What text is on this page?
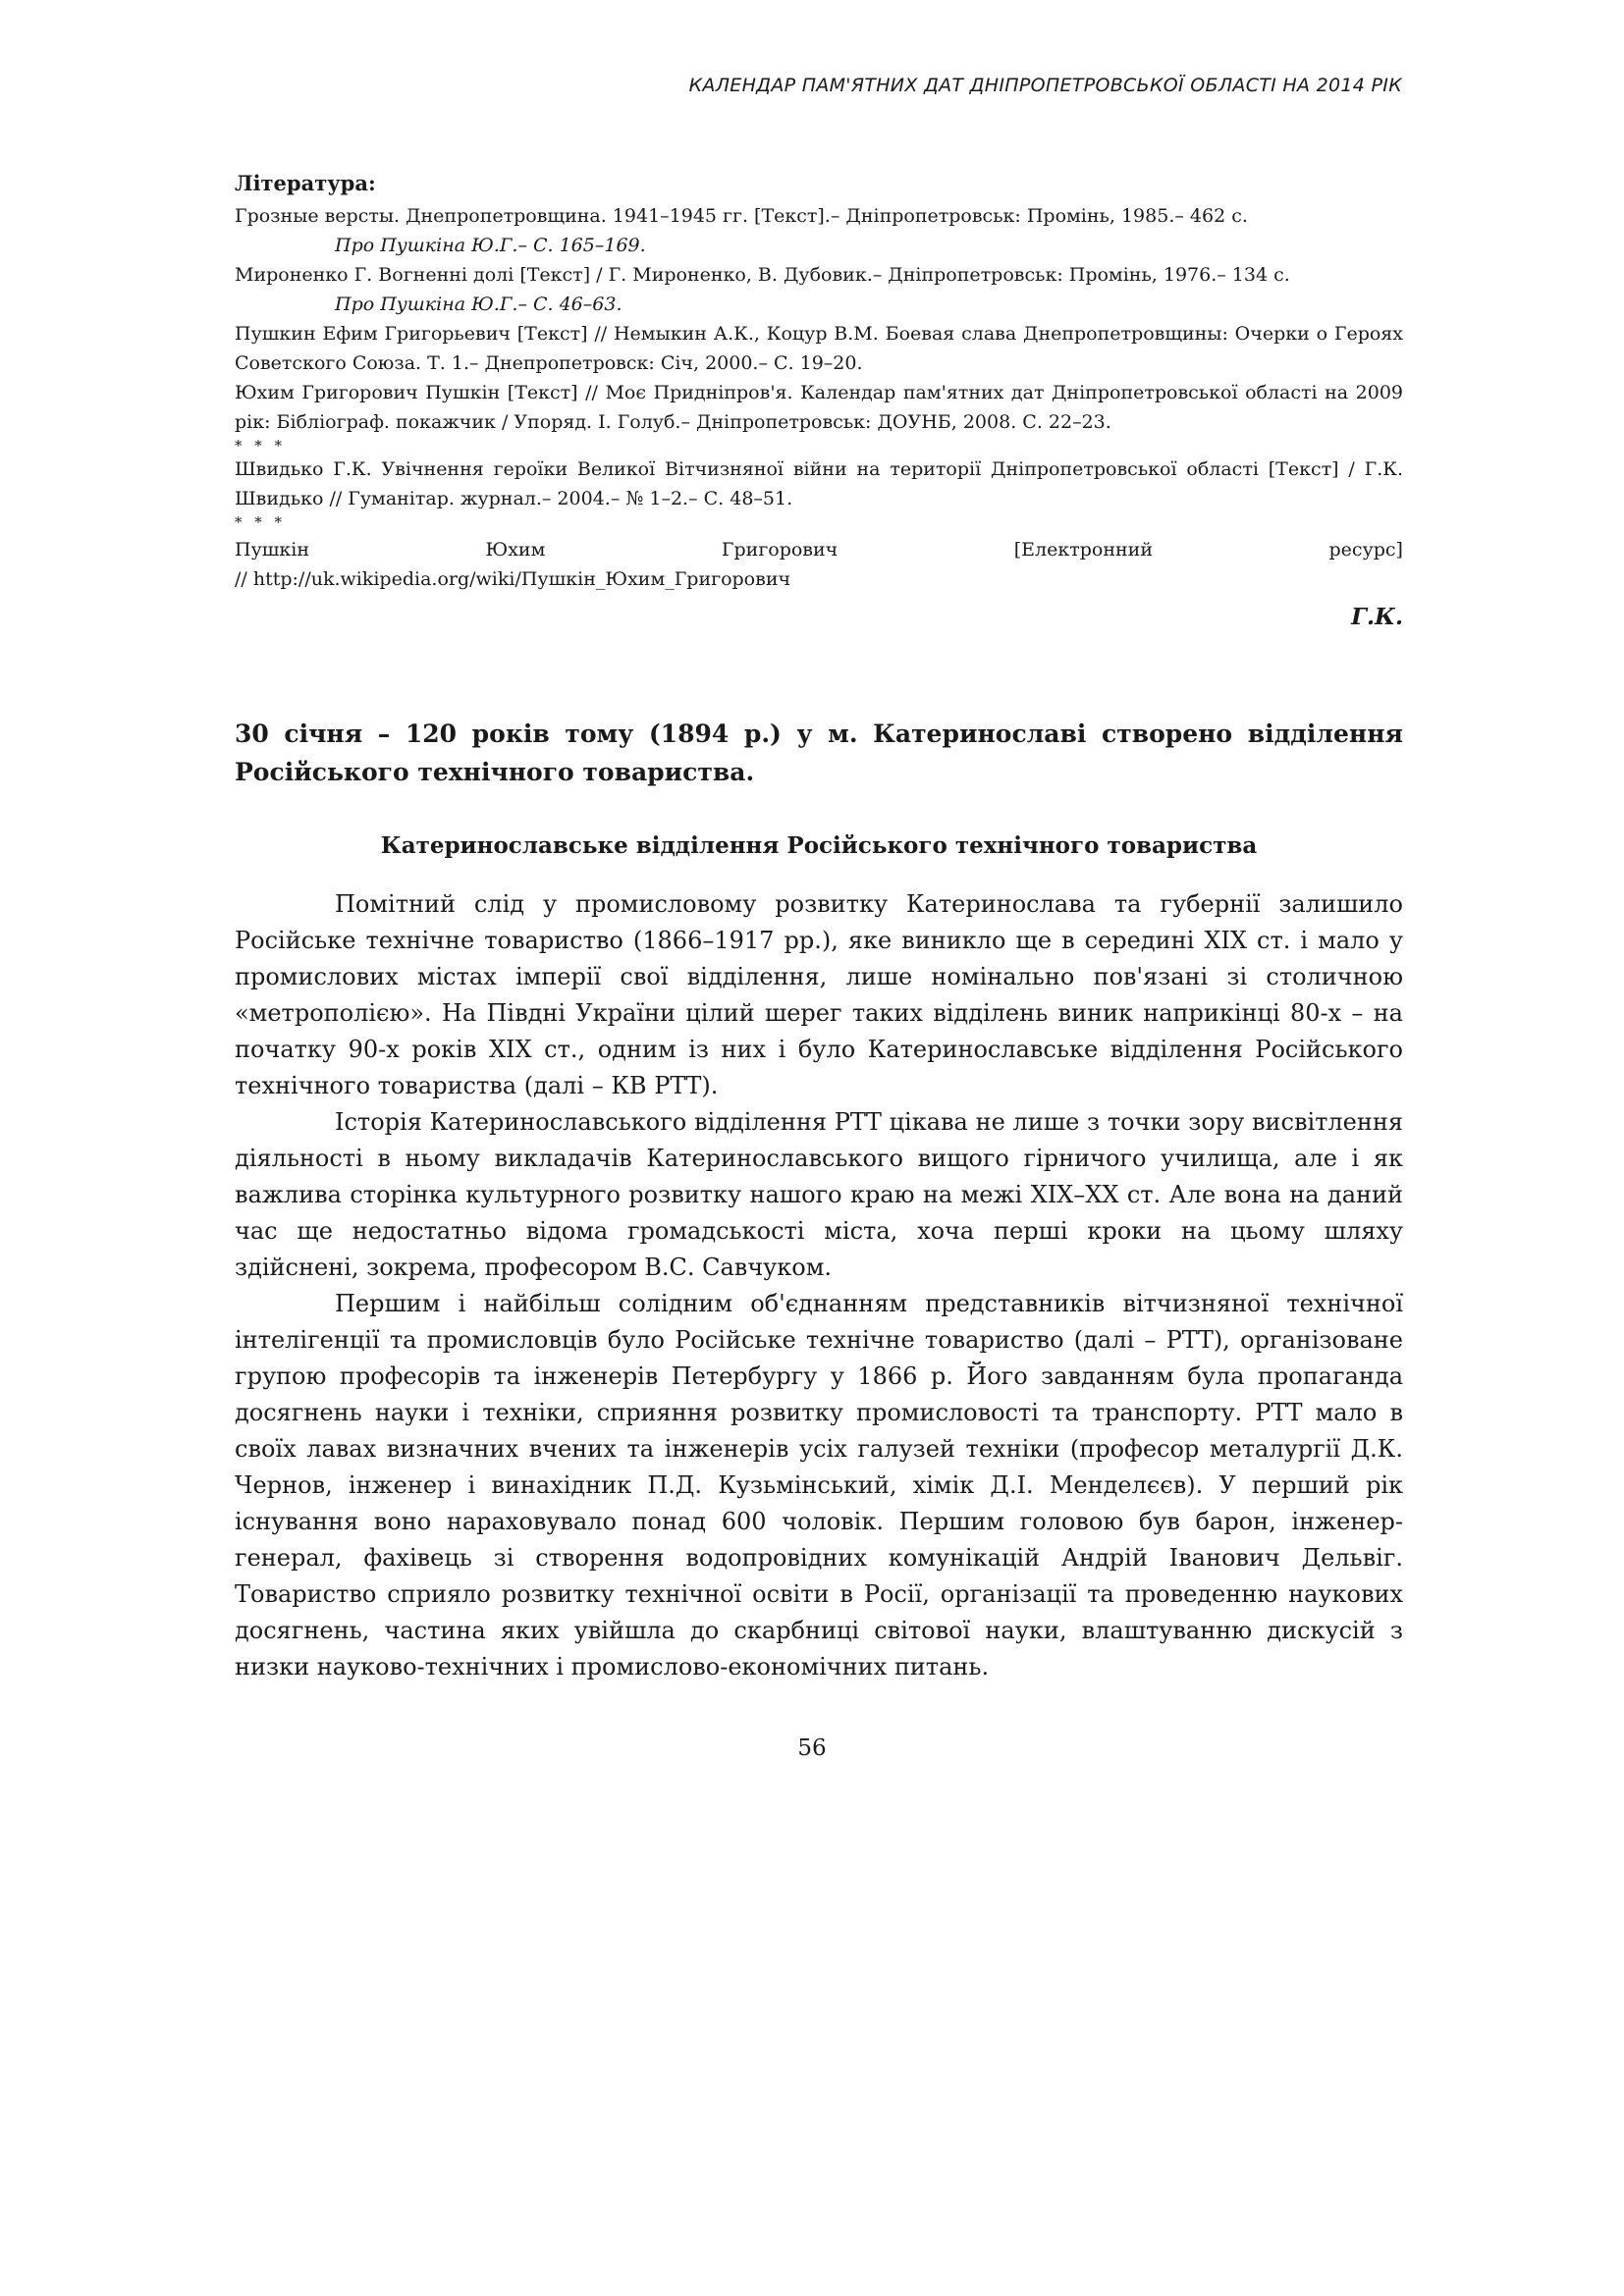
КАЛЕНДАР ПАМ'ЯТНИХ ДАТ ДНІПРОПЕТРОВСЬКОЇ ОБЛАСТІ НА 2014 РІК

Література:

Грозные версты. Днепропетровщина. 1941–1945 гг. [Текст].– Дніпропетровськ: Промінь, 1985.– 462 с.

Про Пушкіна Ю.Г.– С. 165–169.

Мироненко Г. Вогненні долі [Текст] / Г. Мироненко, В. Дубовик.– Дніпропетровськ: Промінь, 1976.– 134 с.

Про Пушкіна Ю.Г.– С. 46–63.

Пушкин Ефим Григорьевич [Текст] // Немыкин А.К., Коцур В.М. Боевая слава Днепропетровщины: Очерки о Героях Советского Союза. Т. 1.– Днепропетровск: Січ, 2000.– С. 19–20.

Юхим Григорович Пушкін [Текст] // Моє Придніпров'я. Календар пам'ятних дат Дніпропетровської області на 2009 рік: Бібліограф. покажчик / Упоряд. І. Голуб.– Дніпропетровськ: ДОУНБ, 2008. С. 22–23.

* * *

Швидько Г.К. Увічнення героїки Великої Вітчизняної війни на території Дніпропетровської області [Текст] / Г.К. Швидько // Гуманітар. журнал.– 2004.– № 1–2.– С. 48–51.

* * *

Пушкін	Юхим	Григорович	[Електронний	ресурс]

// http://uk.wikipedia.org/wiki/Пушкін_Юхим_Григорович

Г.К.

30 січня – 120 років тому (1894 р.) у м. Катеринославі створено відділення Російського технічного товариства.

Катеринославське відділення Російського технічного товариства

Помітний слід у промисловому розвитку Катеринослава та губернії залишило Російське технічне товариство (1866–1917 рр.), яке виникло ще в середині XIX ст. і мало у промислових містах імперії свої відділення, лише номінально пов'язані зі столичною «метрополією». На Півдні України цілий шерег таких відділень виник наприкінці 80-х – на початку 90-х років XIX ст., одним із них і було Катеринославське відділення Російського технічного товариства (далі – КВ РТТ).

Історія Катеринославського відділення РТТ цікава не лише з точки зору висвітлення діяльності в ньому викладачів Катеринославського вищого гірничого училища, але і як важлива сторінка культурного розвитку нашого краю на межі XIX–XX ст. Але вона на даний час ще недостатньо відома громадськості міста, хоча перші кроки на цьому шляху здійснені, зокрема, професором В.С. Савчуком.

Першим і найбільш солідним об'єднанням представників вітчизняної технічної інтелігенції та промисловців було Російське технічне товариство (далі – РТТ), організоване групою професорів та інженерів Петербургу у 1866 р. Його завданням була пропаганда досягнень науки і техніки, сприяння розвитку промисловості та транспорту. РТТ мало в своїх лавах визначних вчених та інженерів усіх галузей техніки (професор металургії Д.К. Чернов, інженер і винахідник П.Д. Кузьмінський, хімік Д.І. Менделєєв). У перший рік існування воно нараховувало понад 600 чоловік. Першим головою був барон, інженер-генерал, фахівець зі створення водопровідних комунікацій Андрій Іванович Дельвіг. Товариство сприяло розвитку технічної освіти в Росії, організації та проведенню наукових досягнень, частина яких увійшла до скарбниці світової науки, влаштуванню дискусій з низки науково-технічних і промислово-економічних питань.

56
